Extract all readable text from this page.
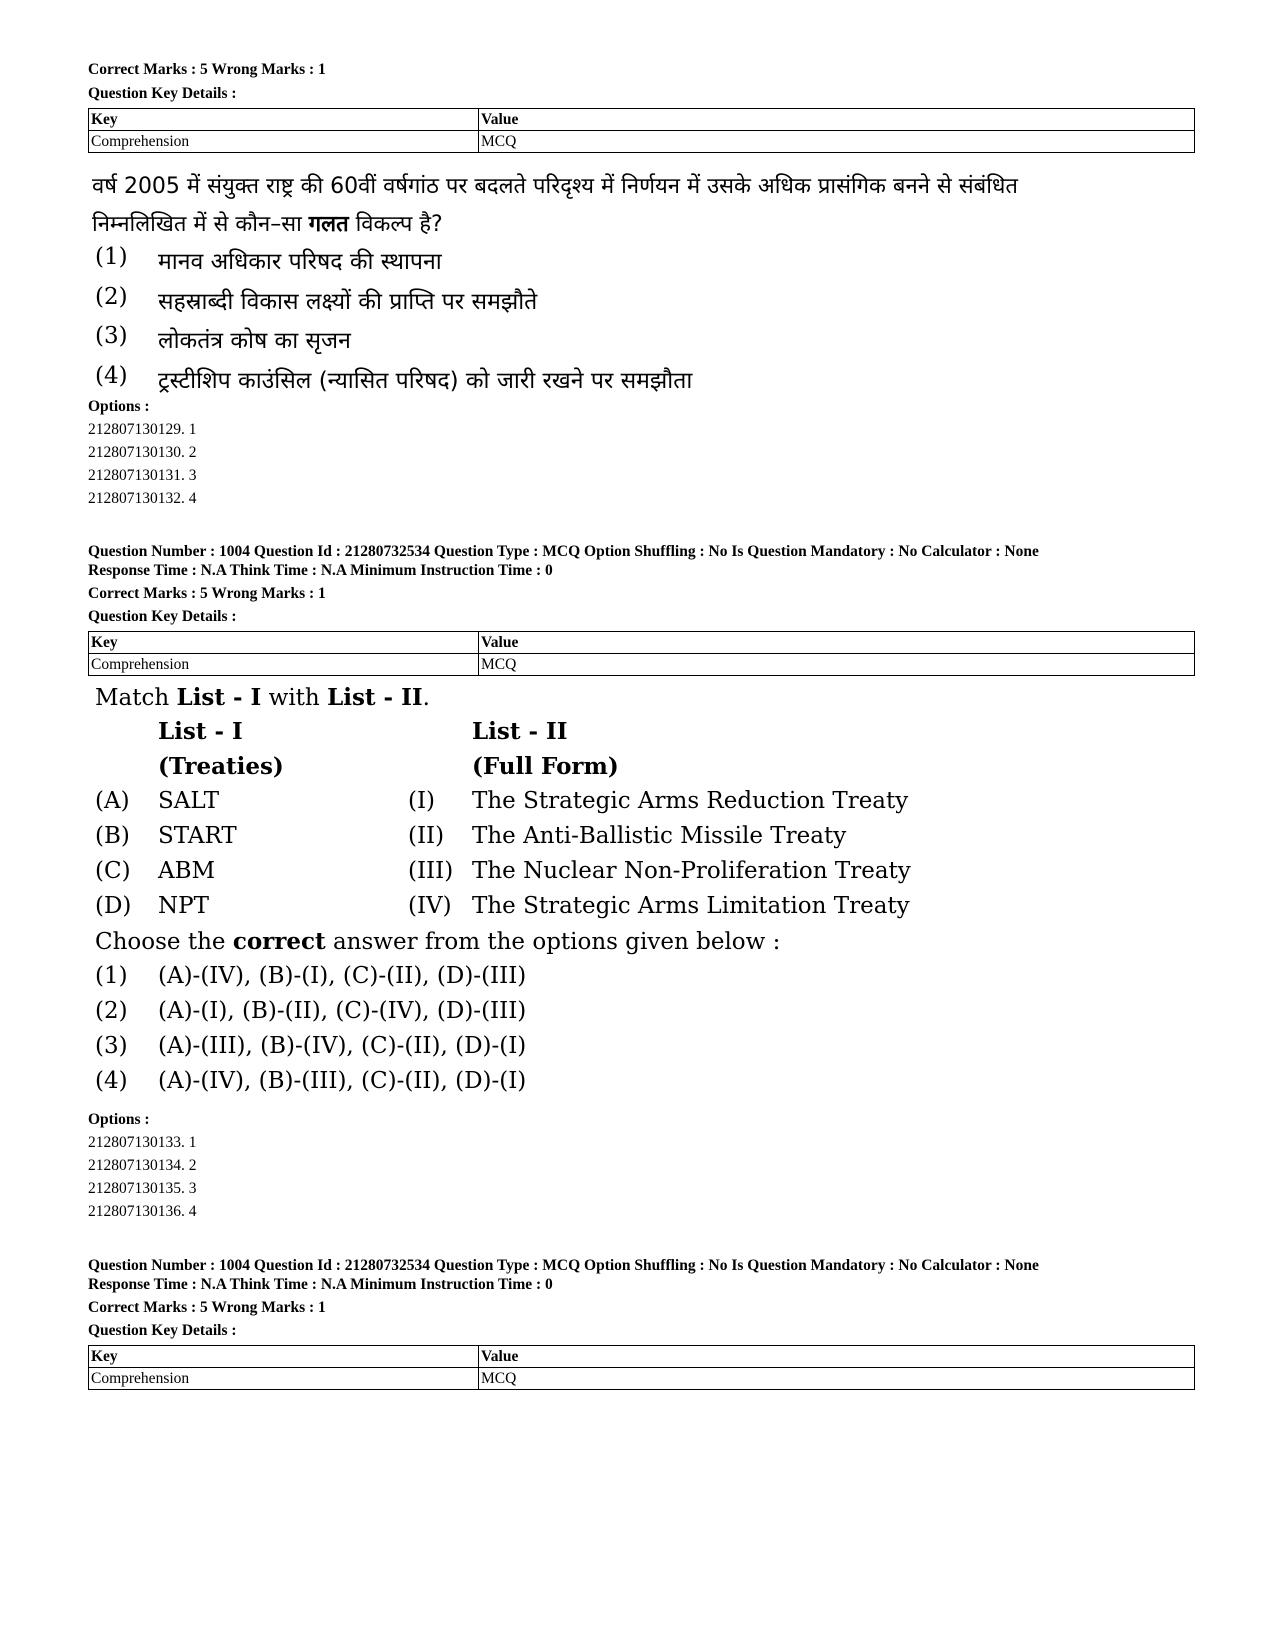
Correct Marks : 5 Wrong Marks : 1
Question Key Details :
Key	Value
Comprehension	MCQ
वर्ष 2005 में संयुक्त राष्ट्र की 60वीं वर्षगांठ पर बदलते परिदृश्य में निर्णयन में उसके अधिक प्रासंगिक बनने से संबंधित
निम्नलिखित में से कौन–सा गलत विकल्प है?
(1) मानव अधिकार परिषद की स्थापना
(2) सहस्राब्दी विकास लक्ष्यों की प्राप्ति पर समझौते
(3) लोकतंत्र कोष का सृजन
(4) ट्रस्टीशिप काउंसिल (न्यासित परिषद) को जारी रखने पर समझौता
Options :
212807130129. 1
212807130130. 2
212807130131. 3
212807130132. 4
Question Number : 1004 Question Id : 21280732534 Question Type : MCQ Option Shuffling : No Is Question Mandatory : No Calculator : None
Response Time : N.A Think Time : N.A Minimum Instruction Time : 0
Correct Marks : 5 Wrong Marks : 1
Question Key Details :
Key	Value
Comprehension	MCQ
Match List - I with List - II.
List - I
(Treaties)
List - II
(Full Form)
(A) SALT	(I) The Strategic Arms Reduction Treaty
(B) START	(II) The Anti-Ballistic Missile Treaty
(C) ABM	(III) The Nuclear Non-Proliferation Treaty
(D) NPT	(IV) The Strategic Arms Limitation Treaty
Choose the correct answer from the options given below :
(1) (A)-(IV), (B)-(I), (C)-(II), (D)-(III)
(2) (A)-(I), (B)-(II), (C)-(IV), (D)-(III)
(3) (A)-(III), (B)-(IV), (C)-(II), (D)-(I)
(4) (A)-(IV), (B)-(III), (C)-(II), (D)-(I)
Options :
212807130133. 1
212807130134. 2
212807130135. 3
212807130136. 4
Question Number : 1004 Question Id : 21280732534 Question Type : MCQ Option Shuffling : No Is Question Mandatory : No Calculator : None
Response Time : N.A Think Time : N.A Minimum Instruction Time : 0
Correct Marks : 5 Wrong Marks : 1
Question Key Details :
Key	Value
Comprehension	MCQ
